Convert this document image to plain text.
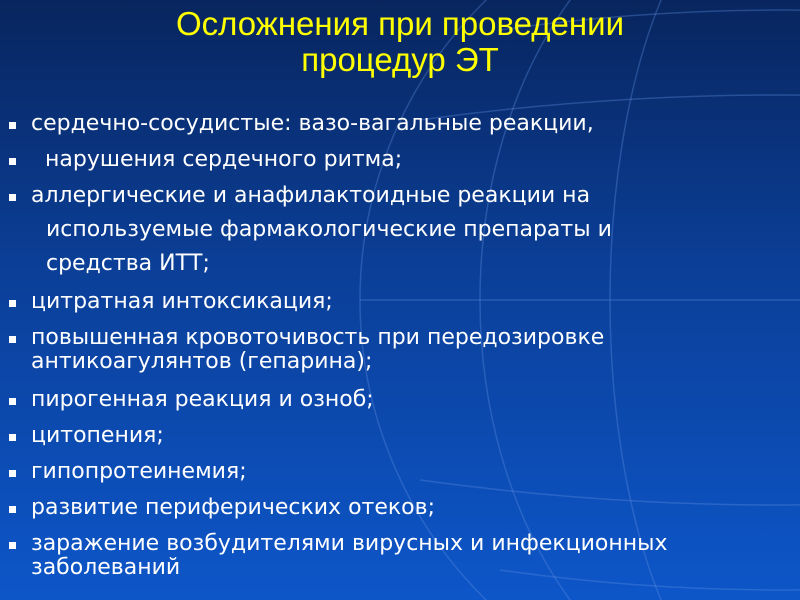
Осложнения при проведении
процедур ЭТ
сердечно-сосудистые: вазо-вагальные реакции,
нарушения сердечного ритма;
аллергические и анафилактоидные реакции на
используемые фармакологические препараты и
средства ИТТ;
цитратная интоксикация;
повышенная кровоточивость при передозировке
антикоагулянтов (гепарина);
пирогенная реакция и озноб;
цитопения;
гипопротеинемия;
развитие периферических отеков;
заражение возбудителями вирусных и инфекционных
заболеваний
